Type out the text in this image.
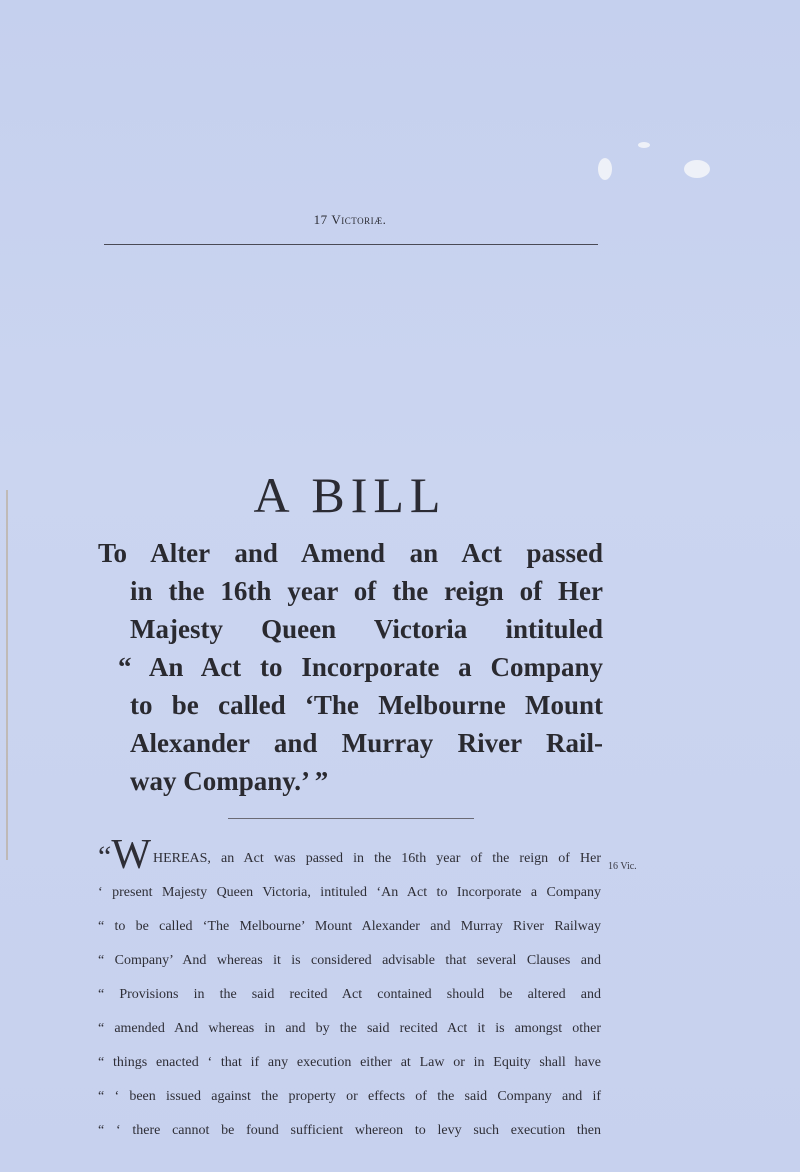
17 Victoriæ.
A BILL
To Alter and Amend an Act passed
in the 16th year of the reign of Her
Majesty Queen Victoria intituled
“ An Act to Incorporate a Company
to be called ‘The Melbourne Mount
Alexander and Murray River Rail-
way Company.’ ”
“W HEREAS, an Act was passed in the 16th year of the reign of Her
‘ present Majesty Queen Victoria, intituled ‘An Act to Incorporate a Company
“ to be called ‘The Melbourne’ Mount Alexander and Murray River Railway
“ Company’ And whereas it is considered advisable that several Clauses and
“ Provisions in the said recited Act contained should be altered and
“ amended And whereas in and by the said recited Act it is amongst other
“ things enacted ‘ that if any execution either at Law or in Equity shall have
“ ‘ been issued against the property or effects of the said Company and if
“ ‘ there cannot be found sufficient whereon to levy such execution then
16 Vic.
